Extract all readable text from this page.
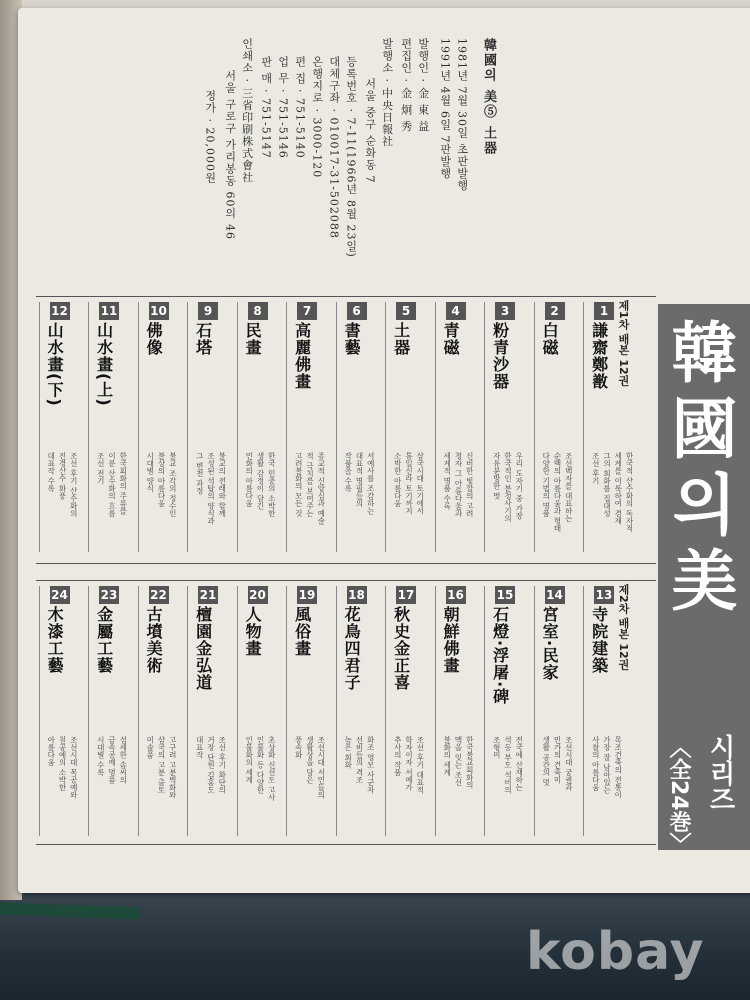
韓國의 美⑤ 土器
1981년 7월 30일 초판발행
1991년 4월 6일 7판발행
발행인 · 金 東 益
편집인 · 金 炯 秀
발행소 · 中央日報社
서울 중구 순화동 7
등록번호 · 7-11(1966년 8월 23일)
대체구좌 · 010017-31-502088
온행지로 · 3000-120
편 집 · 751-5140
업 무 · 751-5146
판 매 · 751-5147
인쇄소 · 三省印刷株式會社
서울 구로구 가리봉동 60의 46
정가 · 20,000원
제1차 배본 12권
1
謙齋鄭敾
한국적 산수화의 독자적
세계를 이룩하여 겸재
그의 회화를 집대성
조선 후기
2
白磁
조선백자를 대표하는
순백의 아름다움과 형태
다양한 기법의 명품
3
粉青沙器
우리 도자기 중 가장
한국적인 분청사기의
자유분방한 멋
4
青磁
신비한 빛깔의 고려
청자 그 아름다움과
세계적 명품 수록
5
土器
삼국시대 토기에서
통일신라 토기까지
소박한 아름다움
6
書藝
서예사를 조감하는
대표적 명필들의
작품을 수록
7
高麗佛畫
종교적 신앙심과 예술
적 극치를 보여주는
고려불화의 모든 것
8
民畫
한국 민중의 소박한
생활 감정이 담긴
민화의 아름다움
9
石塔
불교의 전래와 함께
조성된 석탑의 양식과
그 변천 과정
10
佛像
불교 조각의 정수인
불상의 아름다움
시대별 양식
11
山水畫(上)
한국회화의 주류를
이룬 산수화의 흐름
조선 전기
12
山水畫(下)
조선 후기 산수화의
진경산수 화풍
대표작 수록
제2차 배본 12권
13
寺院建築
목조건축의 전통이
가장 잘 남아있는
사찰의 아름다움
14
宮室·民家
조선시대 궁궐과
민가의 건축미
생활 공간의 멋
15
石燈·浮屠·碑
전국에 산재하는
석등 부도 석비의
조형미
16
朝鮮佛畫
한국불교회화의
맥을 잇는 조선
불화의 세계
17
秋史金正喜
조선 후기 대표적
학자이자 서예가
추사의 작품
18
花鳥四君子
화조 영모 사군자
선비들의 격조
높은 회화
19
風俗畫
조선시대 서민들의
생활상을 담은
풍속화
20
人物畫
초상화 신선도 고사
인물화 등 다양한
인물화의 세계
21
檀園金弘道
조선 후기 화단의
거장 단원 김홍도
대표작
22
古墳美術
고구려 고분벽화와
삼국의 고분 출토
미술품
23
金屬工藝
섬세한 솜씨의
금속공예 명품
시대별 수록
24
木漆工藝
조선시대 목공예와
칠공예의 소박한
아름다움
韓國의美
〈全24巻〉 시리즈
kobay
